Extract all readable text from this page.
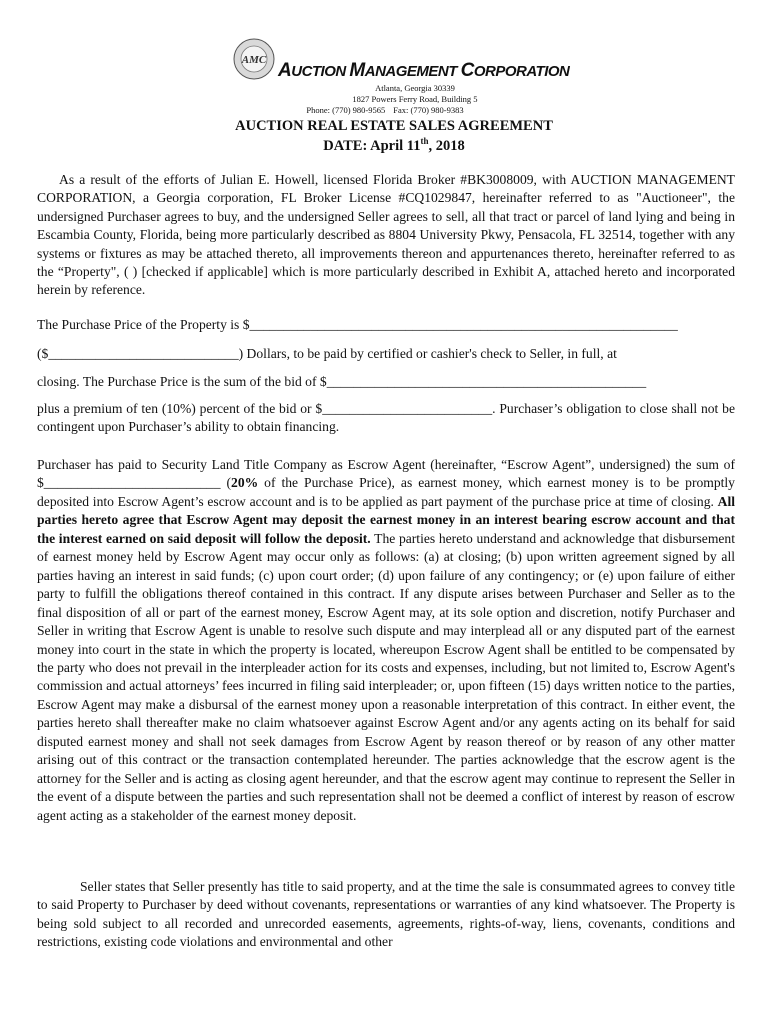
AMC AUCTION MANAGEMENT CORPORATION
Atlanta, Georgia 30339
1827 Powers Ferry Road, Building 5
Phone: (770) 980-9565 Fax: (770) 980-9383
AUCTION REAL ESTATE SALES AGREEMENT
DATE: April 11th, 2018
As a result of the efforts of Julian E. Howell, licensed Florida Broker #BK3008009, with AUCTION MANAGEMENT CORPORATION, a Georgia corporation, FL Broker License #CQ1029847, hereinafter referred to as "Auctioneer", the undersigned Purchaser agrees to buy, and the undersigned Seller agrees to sell, all that tract or parcel of land lying and being in Escambia County, Florida, being more particularly described as 8804 University Pkwy, Pensacola, FL 32514, together with any systems or fixtures as may be attached thereto, all improvements thereon and appurtenances thereto, hereinafter referred to as the “Property", ( ) [checked if applicable] which is more particularly described in Exhibit A, attached hereto and incorporated herein by reference.
The Purchase Price of the Property is $_______________________________________________________________
($____________________________) Dollars, to be paid by certified or cashier's check to Seller, in full, at
closing. The Purchase Price is the sum of the bid of $_______________________________________________
plus a premium of ten (10%) percent of the bid or $_________________________. Purchaser’s obligation to close shall not be contingent upon Purchaser’s ability to obtain financing.
Purchaser has paid to Security Land Title Company as Escrow Agent (hereinafter, “Escrow Agent”, undersigned) the sum of $__________________________ (20% of the Purchase Price), as earnest money, which earnest money is to be promptly deposited into Escrow Agent’s escrow account and is to be applied as part payment of the purchase price at time of closing. All parties hereto agree that Escrow Agent may deposit the earnest money in an interest bearing escrow account and that the interest earned on said deposit will follow the deposit. The parties hereto understand and acknowledge that disbursement of earnest money held by Escrow Agent may occur only as follows: (a) at closing; (b) upon written agreement signed by all parties having an interest in said funds; (c) upon court order; (d) upon failure of any contingency; or (e) upon failure of either party to fulfill the obligations thereof contained in this contract. If any dispute arises between Purchaser and Seller as to the final disposition of all or part of the earnest money, Escrow Agent may, at its sole option and discretion, notify Purchaser and Seller in writing that Escrow Agent is unable to resolve such dispute and may interplead all or any disputed part of the earnest money into court in the state in which the property is located, whereupon Escrow Agent shall be entitled to be compensated by the party who does not prevail in the interpleader action for its costs and expenses, including, but not limited to, Escrow Agent's commission and actual attorneys’ fees incurred in filing said interpleader; or, upon fifteen (15) days written notice to the parties, Escrow Agent may make a disbursal of the earnest money upon a reasonable interpretation of this contract. In either event, the parties hereto shall thereafter make no claim whatsoever against Escrow Agent and/or any agents acting on its behalf for said disputed earnest money and shall not seek damages from Escrow Agent by reason thereof or by reason of any other matter arising out of this contract or the transaction contemplated hereunder. The parties acknowledge that the escrow agent is the attorney for the Seller and is acting as closing agent hereunder, and that the escrow agent may continue to represent the Seller in the event of a dispute between the parties and such representation shall not be deemed a conflict of interest by reason of escrow agent acting as a stakeholder of the earnest money deposit.
Seller states that Seller presently has title to said property, and at the time the sale is consummated agrees to convey title to said Property to Purchaser by deed without covenants, representations or warranties of any kind whatsoever. The Property is being sold subject to all recorded and unrecorded easements, agreements, rights-of-way, liens, covenants, conditions and restrictions, existing code violations and environmental and other
